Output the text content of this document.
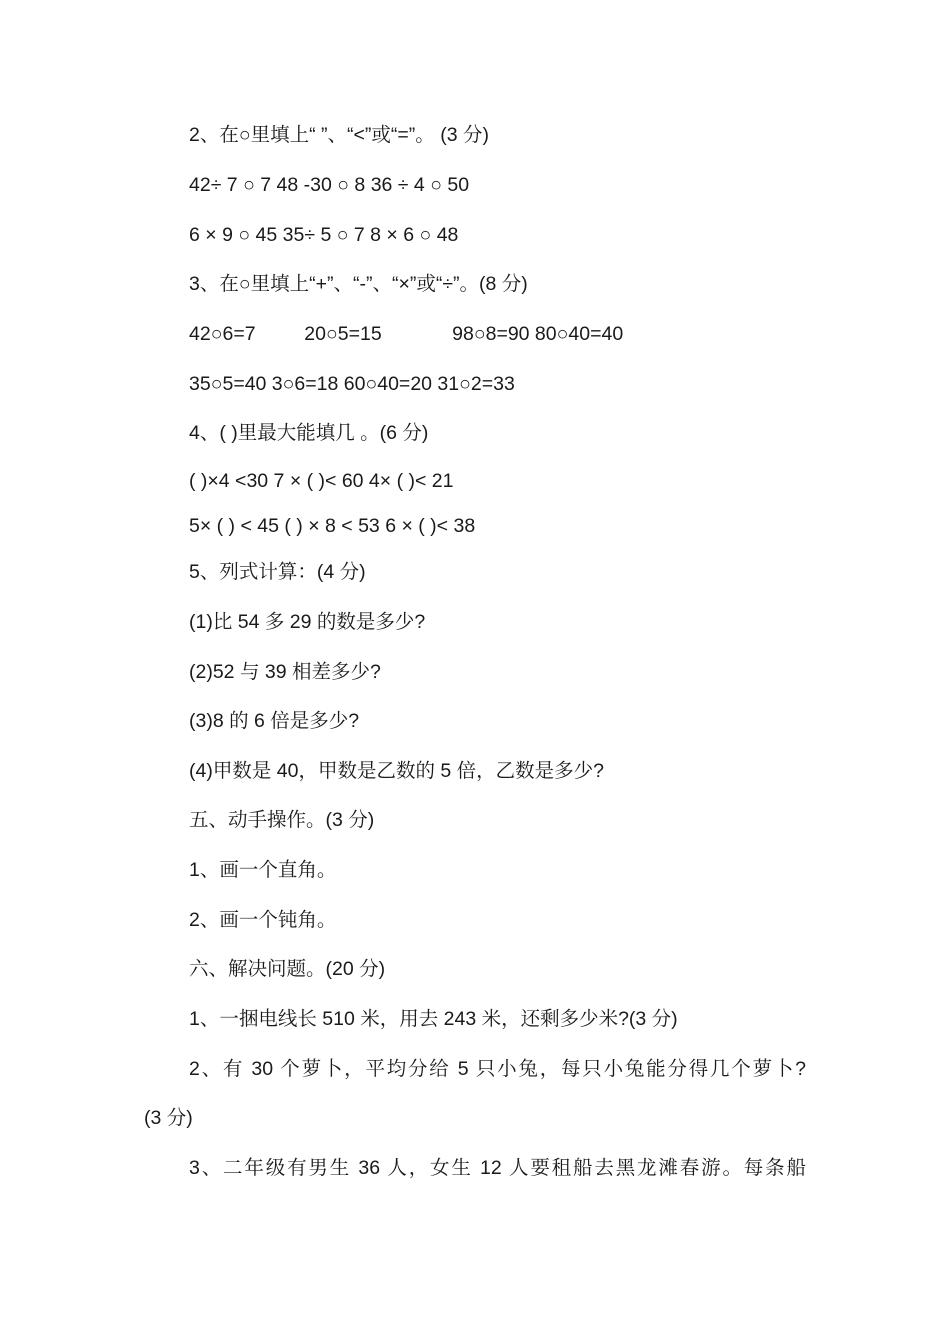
2、在○里填上“ ”、“<”或“=”。 (3 分)
42÷ 7 ○ 7 48 -30 ○ 8 36 ÷ 4 ○ 50
6 × 9 ○ 45 35÷ 5 ○ 7 8 × 6 ○ 48
3、在○里填上“+”、“-”、“×”或“÷”。(8 分)
42○6=7         20○5=15             98○8=90 80○40=40
35○5=40 3○6=18 60○40=20 31○2=33
4、( )里最大能填几 。(6 分)
( )×4 <30 7 × ( )< 60 4× ( )< 21
5× ( ) < 45 ( ) × 8 < 53 6 × ( )< 38
5、列式计算：(4 分)
(1)比 54 多 29 的数是多少?
(2)52 与 39 相差多少?
(3)8 的 6 倍是多少?
(4)甲数是 40，甲数是乙数的 5 倍，乙数是多少?
五、动手操作。(3 分)
1、画一个直角。
2、画一个钝角。
六、解决问题。(20 分)
1、一捆电线长 510 米，用去 243 米，还剩多少米?(3 分)
2、有 30 个萝卜，平均分给 5 只小兔，每只小兔能分得几个萝卜?
(3 分)
3、二年级有男生 36 人，女生 12 人要租船去黑龙滩春游。每条船
